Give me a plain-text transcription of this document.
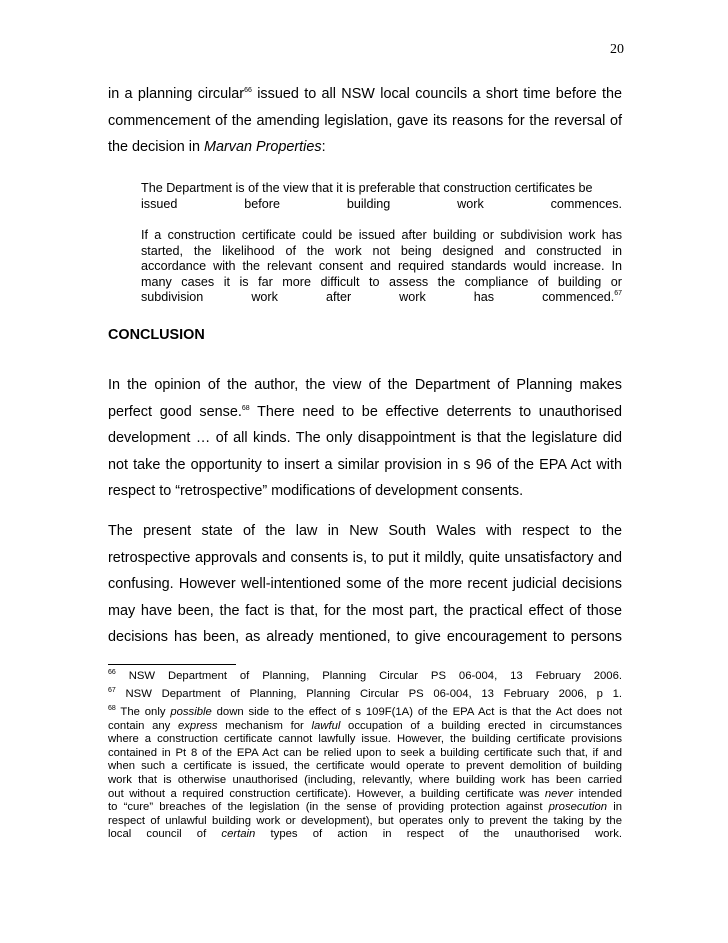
20
in a planning circular$^{66}$ issued to all NSW local councils a short time before the
commencement of the amending legislation, gave its reasons for the reversal of
the decision in Marvan Properties:
The Department is of the view that it is preferable that construction certificates be
issued before building work commences.
If a construction certificate could be issued after building or subdivision work has
started, the likelihood of the work not being designed and constructed in
accordance with the relevant consent and required standards would increase. In
many cases it is far more difficult to assess the compliance of building or
subdivision work after work has commenced.$^{67}$
CONCLUSION
In the opinion of the author, the view of the Department of Planning makes
perfect good sense.$^{68}$ There need to be effective deterrents to unauthorised
development … of all kinds. The only disappointment is that the legislature did
not take the opportunity to insert a similar provision in s 96 of the EPA Act with
respect to “retrospective” modifications of development consents.
The present state of the law in New South Wales with respect to the
retrospective approvals and consents is, to put it mildly, quite unsatisfactory and
confusing. However well-intentioned some of the more recent judicial decisions
may have been, the fact is that, for the most part, the practical effect of those
decisions has been, as already mentioned, to give encouragement to persons
$^{66}$ NSW Department of Planning, Planning Circular PS 06-004, 13 February 2006.
$^{67}$ NSW Department of Planning, Planning Circular PS 06-004, 13 February 2006, p 1.
$^{68}$ The only possible down side to the effect of s 109F(1A) of the EPA Act is that the Act does not
contain any express mechanism for lawful occupation of a building erected in circumstances
where a construction certificate cannot lawfully issue. However, the building certificate provisions
contained in Pt 8 of the EPA Act can be relied upon to seek a building certificate such that, if and
when such a certificate is issued, the certificate would operate to prevent demolition of building
work that is otherwise unauthorised (including, relevantly, where building work has been carried
out without a required construction certificate). However, a building certificate was never intended
to “cure” breaches of the legislation (in the sense of providing protection against prosecution in
respect of unlawful building work or development), but operates only to prevent the taking by the
local council of certain types of action in respect of the unauthorised work.
